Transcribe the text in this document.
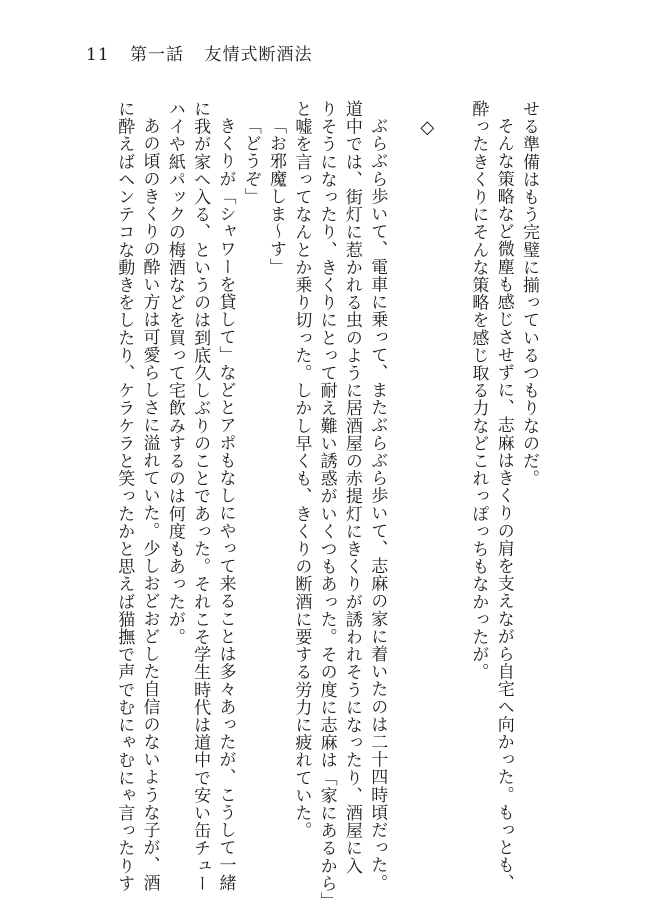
11 第一話 友情式断酒法

せる準備はもう完璧に揃っているつもりなのだ。

そんな策略など微塵も感じさせずに、志麻はきくりの肩を支えながら自宅へ向かった。もっとも、

酔ったきくりにそんな策略を感じ取る力などこれっぽっちもなかったが。

◇

ぶらぶら歩いて、電車に乗って、またぶらぶら歩いて、志麻の家に着いたのは二十四時頃だった。

道中では、街灯に惹かれる虫のように居酒屋の赤提灯にきくりが誘われそうになったり、酒屋に入

りそうになったり、きくりにとって耐え難い誘惑がいくつもあった。その度に志麻は「家にあるから」

と嘘を言ってなんとか乗り切った。しかし早くも、きくりの断酒に要する労力に疲れていた。

「お邪魔しま〜す」

「どうぞ」

きくりが「シャワーを貸して」などとアポもなしにやって来ることは多々あったが、こうして一緒

に我が家へ入る、というのは到底久しぶりのことであった。それこそ学生時代は道中で安い缶チュー

ハイや紙パックの梅酒などを買って宅飲みするのは何度もあったが。

あの頃のきくりの酔い方は可愛らしさに溢れていた。少しおどおどした自信のないような子が、酒

に酔えばヘンテコな動きをしたり、ケラケラと笑ったかと思えば猫撫で声でむにゃむにゃ言ったりす
